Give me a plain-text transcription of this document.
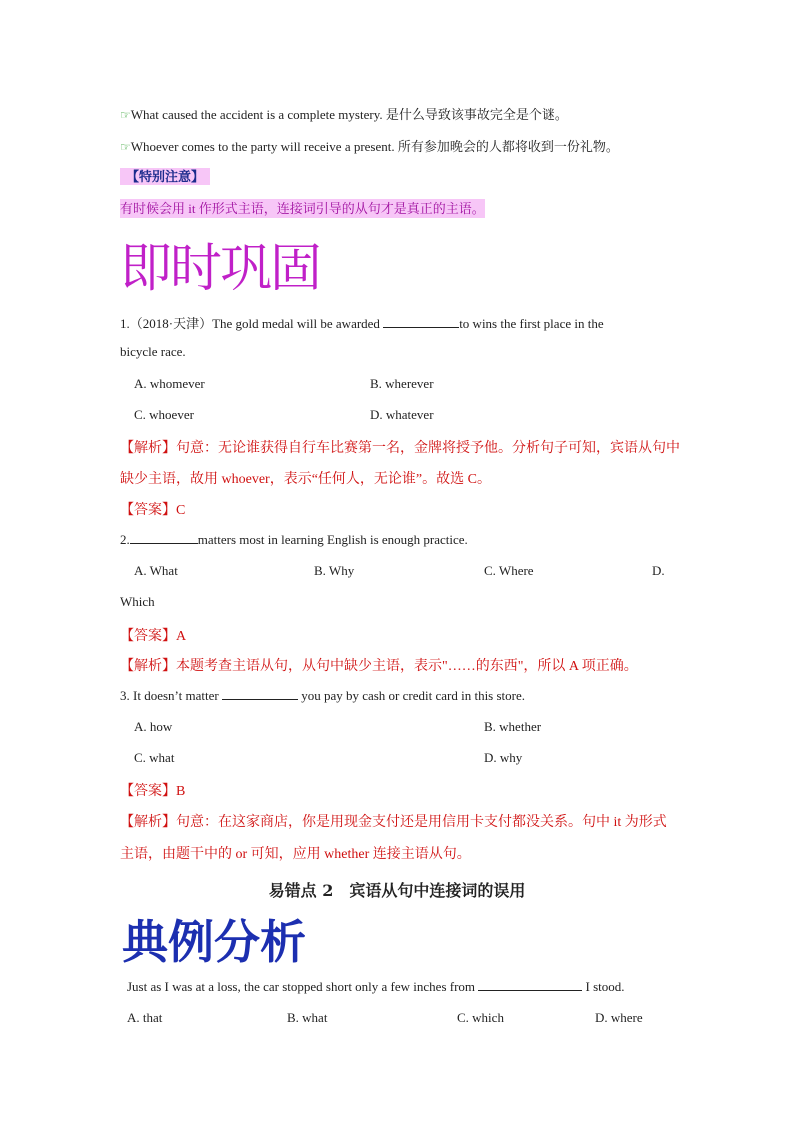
☞What caused the accident is a complete mystery. 是什么导致该事故完全是个谜。
☞Whoever comes to the party will receive a present. 所有参加晚会的人都将收到一份礼物。
【特别注意】
有时候会用 it 作形式主语，连接词引导的从句才是真正的主语。
即时巩固
1.（2018·天津）The gold medal will be awarded	to wins the first place in the
bicycle race.
A. whomever	B. wherever
C. whoever	D. whatever
【解析】句意：无论谁获得自行车比赛第一名，金牌将授予他。分析句子可知，宾语从句中
缺少主语，故用 whoever，表示“任何人，无论谁”。故选 C。
【答案】C
2.	matters most in learning English is enough practice.
A. What	B. Why	C. Where	D.
Which
【答案】A
【解析】本题考查主语从句，从句中缺少主语，表示"……的东西"，所以 A 项正确。
3. It doesn’t matter	you pay by cash or credit card in this store.
A. how	B. whether
C. what	D. why
【答案】B
【解析】句意：在这家商店，你是用现金支付还是用信用卡支付都没关系。句中 it 为形式
主语，由题干中的 or 可知，应用 whether 连接主语从句。
易错点 2　宾语从句中连接词的误用
典例分析
Just as I was at a loss, the car stopped short only a few inches from	I stood.
A. that	B. what	C. which	D. where
